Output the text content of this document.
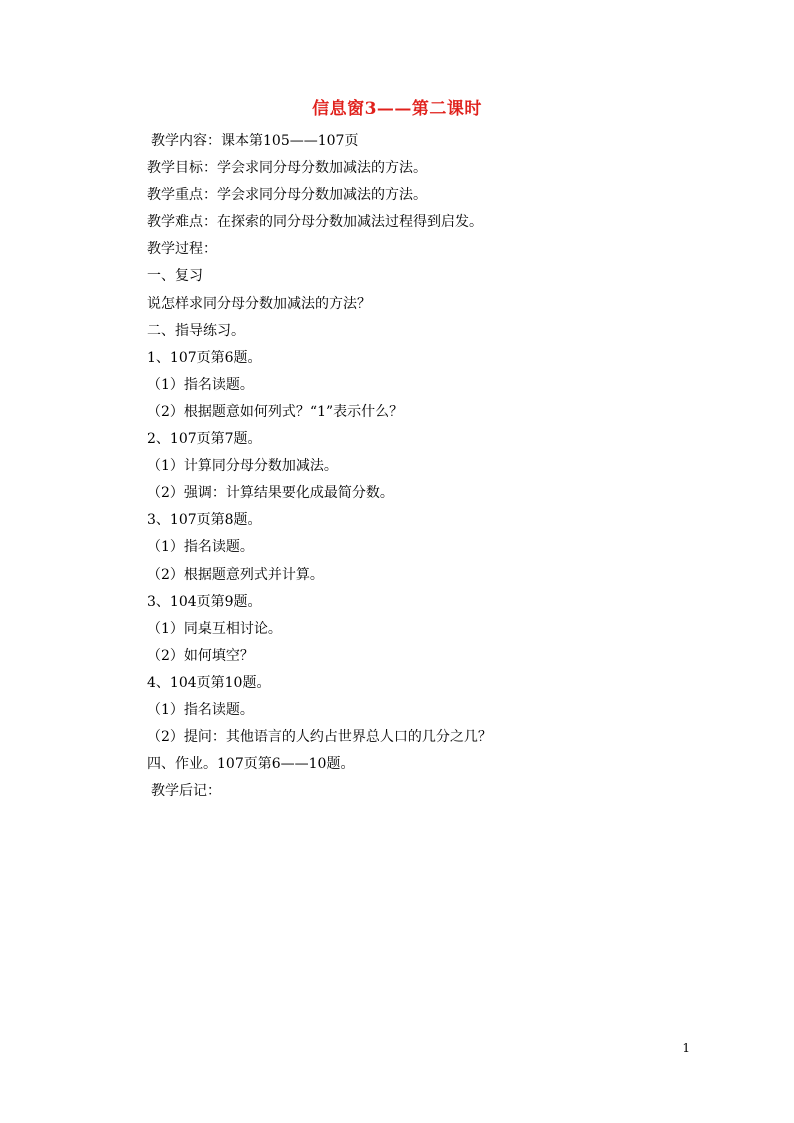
信息窗3——第二课时
教学内容：课本第105——107页
教学目标：学会求同分母分数加减法的方法。
教学重点：学会求同分母分数加减法的方法。
教学难点：在探索的同分母分数加减法过程得到启发。
教学过程：
一、复习
说怎样求同分母分数加减法的方法？
二、指导练习。
1、107页第6题。
（1）指名读题。
（2）根据题意如何列式？“1”表示什么？
2、107页第7题。
（1）计算同分母分数加减法。
（2）强调：计算结果要化成最简分数。
3、107页第8题。
（1）指名读题。
（2）根据题意列式并计算。
3、104页第9题。
（1）同桌互相讨论。
（2）如何填空？
4、104页第10题。
（1）指名读题。
（2）提问：其他语言的人约占世界总人口的几分之几？
四、作业。107页第6——10题。
教学后记：
1
